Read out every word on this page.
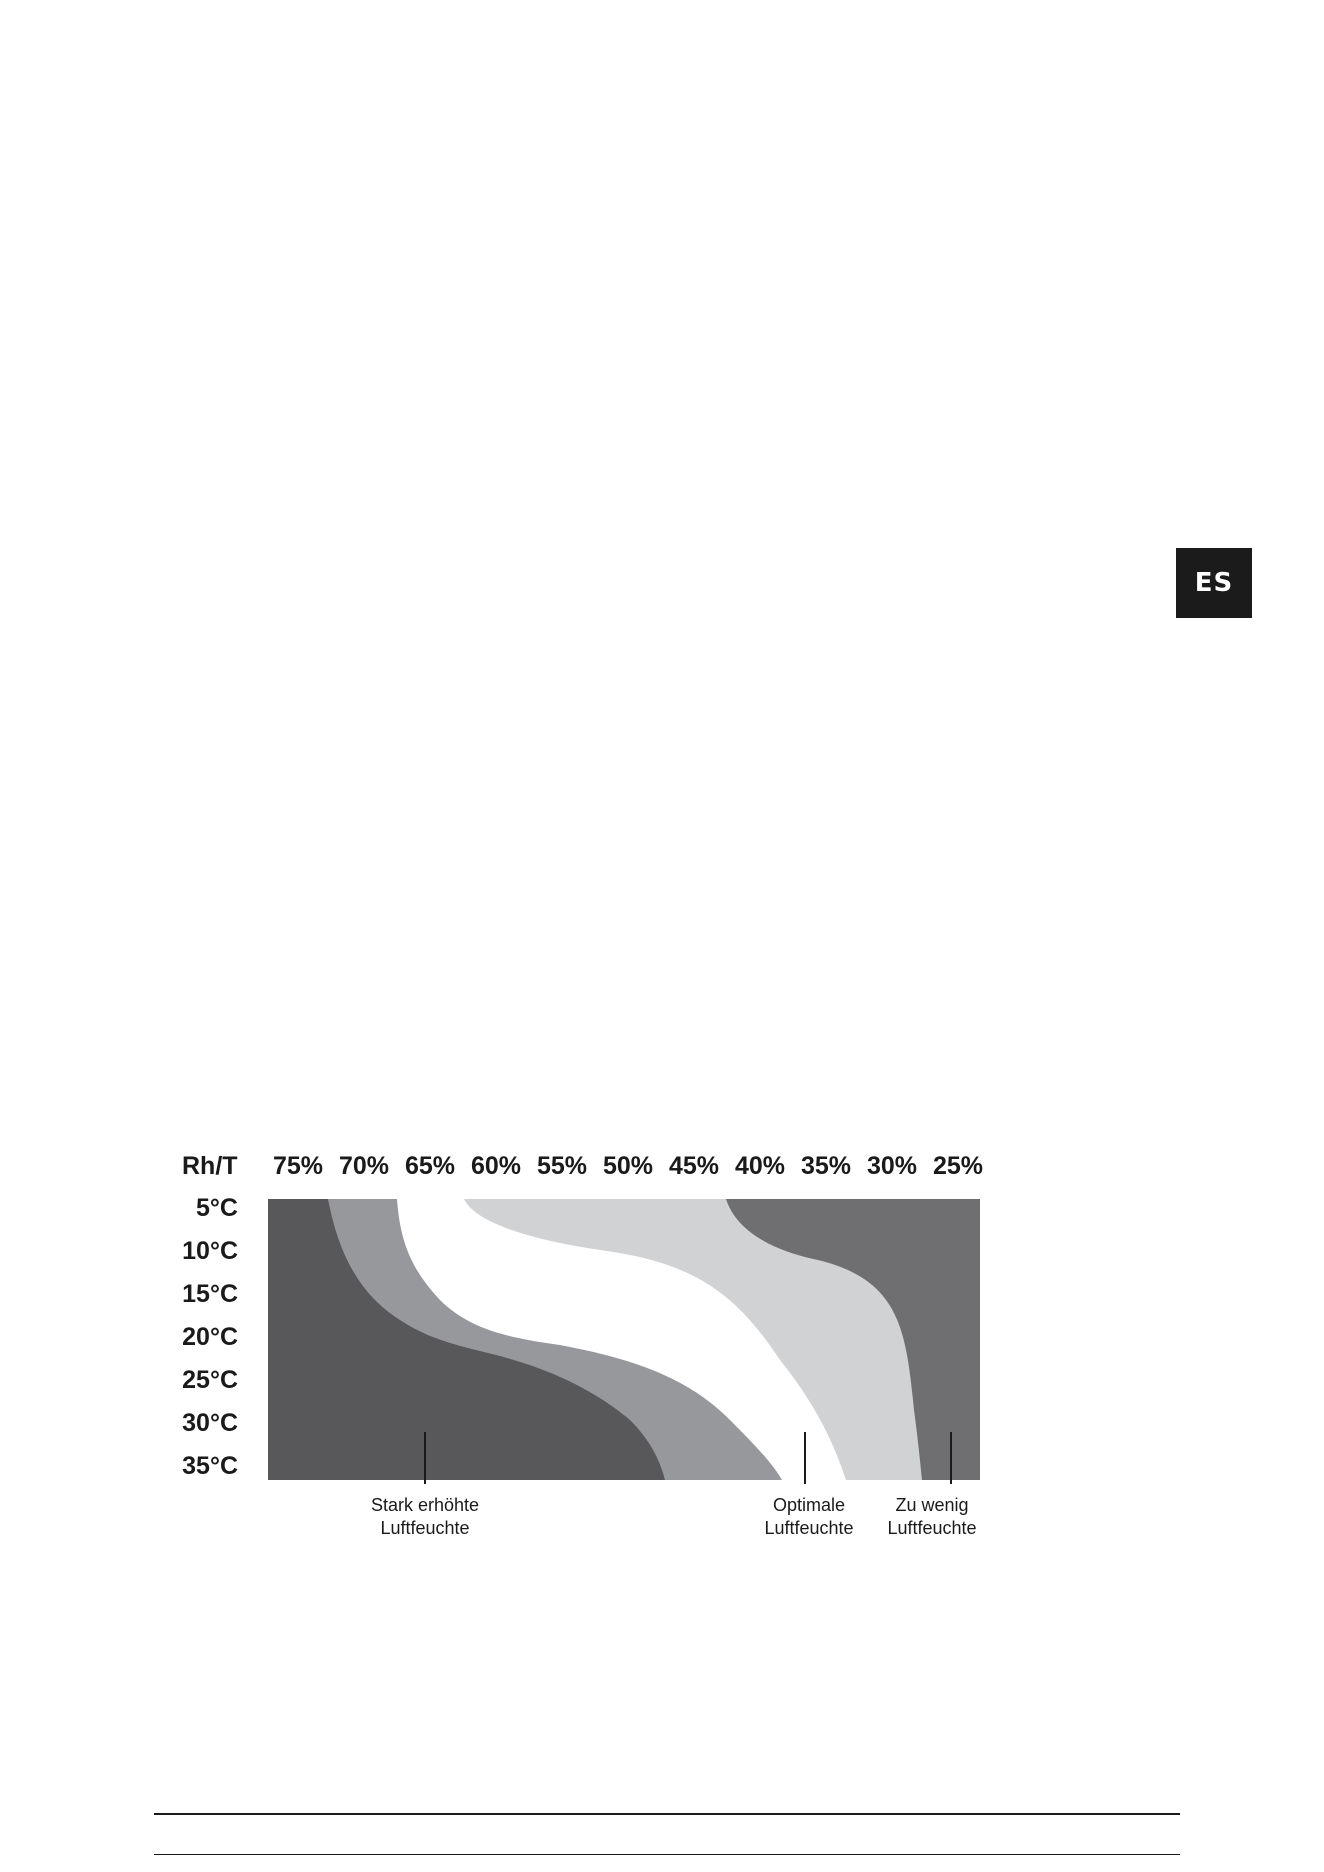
ES
Rh/T 75% 70% 65% 60% 55% 50% 45% 40% 35% 30% 25%
5°C
10°C
15°C
20°C
25°C
30°C
35°C
Stark erhöhte
Luftfeuchte
Optimale
Luftfeuchte
Zu wenig
Luftfeuchte
